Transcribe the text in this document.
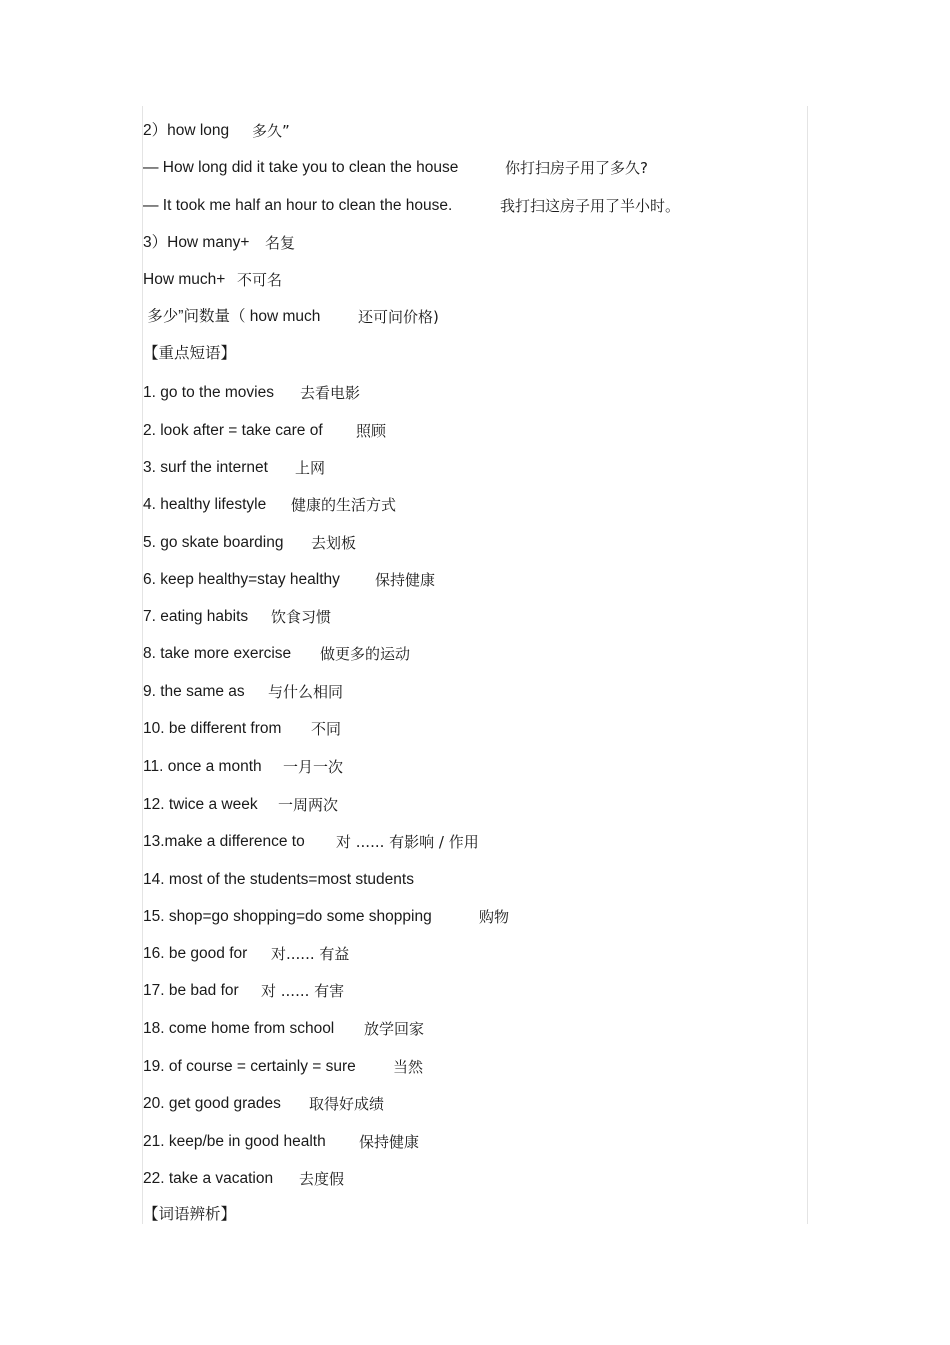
2）how long 多久”
— How long did it take you to clean the house	你打扫房子用了多久?
— It took me half an hour to clean the house.	我打扫这房子用了半小时。
3）How many+ 名复
How much+ 不可名
多少”问数量（ how much	还可问价格)
【重点短语】
1. go to the movies 去看电影
2. look after = take care of 照顾
3. surf the internet 上网
4. healthy lifestyle 健康的生活方式
5. go skate boarding 去划板
6. keep healthy=stay healthy 保持健康
7. eating habits 饮食习惯
8. take more exercise 做更多的运动
9. the same as 与什么相同
10. be different from 不同
11. once a month 一月一次
12. twice a week 一周两次
13.make a difference to 对 ...... 有影响 / 作用
14. most of the students=most students
15. shop=go shopping=do some shopping	购物
16. be good for 对...... 有益
17. be bad for 对 ...... 有害
18. come home from school 放学回家
19. of course = certainly = sure 当然
20. get good grades 取得好成绩
21. keep/be in good health 保持健康
22. take a vacation 去度假
【词语辨析】
